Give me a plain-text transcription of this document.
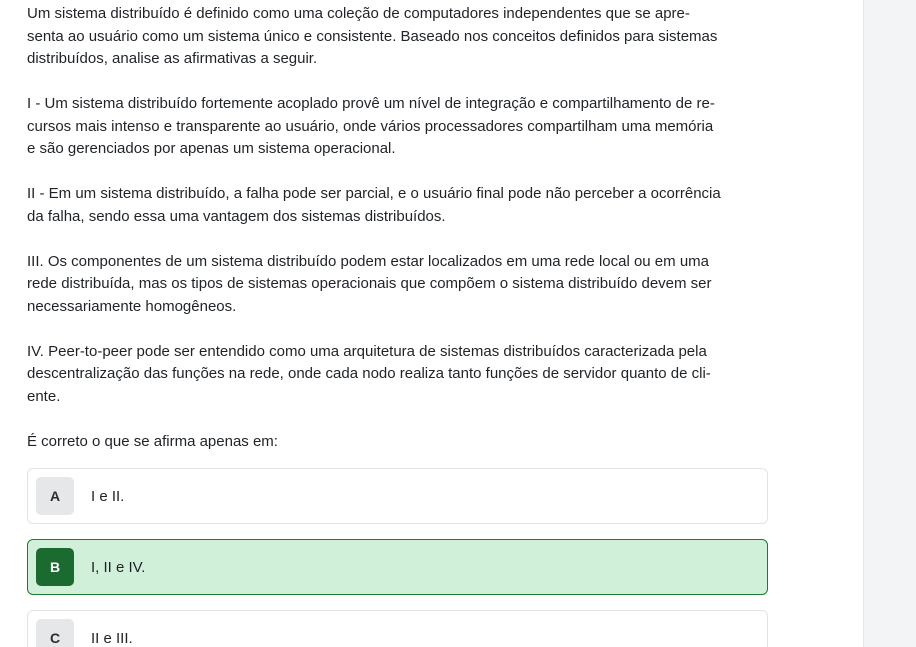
Um sistema distribuído é definido como uma coleção de computadores independentes que se apre-
senta ao usuário como um sistema único e consistente. Baseado nos conceitos definidos para sistemas
distribuídos, analise as afirmativas a seguir.

I - Um sistema distribuído fortemente acoplado provê um nível de integração e compartilhamento de re-
cursos mais intenso e transparente ao usuário, onde vários processadores compartilham uma memória
e são gerenciados por apenas um sistema operacional.

II - Em um sistema distribuído, a falha pode ser parcial, e o usuário final pode não perceber a ocorrência
da falha, sendo essa uma vantagem dos sistemas distribuídos.

III. Os componentes de um sistema distribuído podem estar localizados em uma rede local ou em uma
rede distribuída, mas os tipos de sistemas operacionais que compõem o sistema distribuído devem ser
necessariamente homogêneos.

IV. Peer-to-peer pode ser entendido como uma arquitetura de sistemas distribuídos caracterizada pela
descentralização das funções na rede, onde cada nodo realiza tanto funções de servidor quanto de cli-
ente.

É correto o que se afirma apenas em:

A	I e II.
B	I, II e IV.
C	II e III.
